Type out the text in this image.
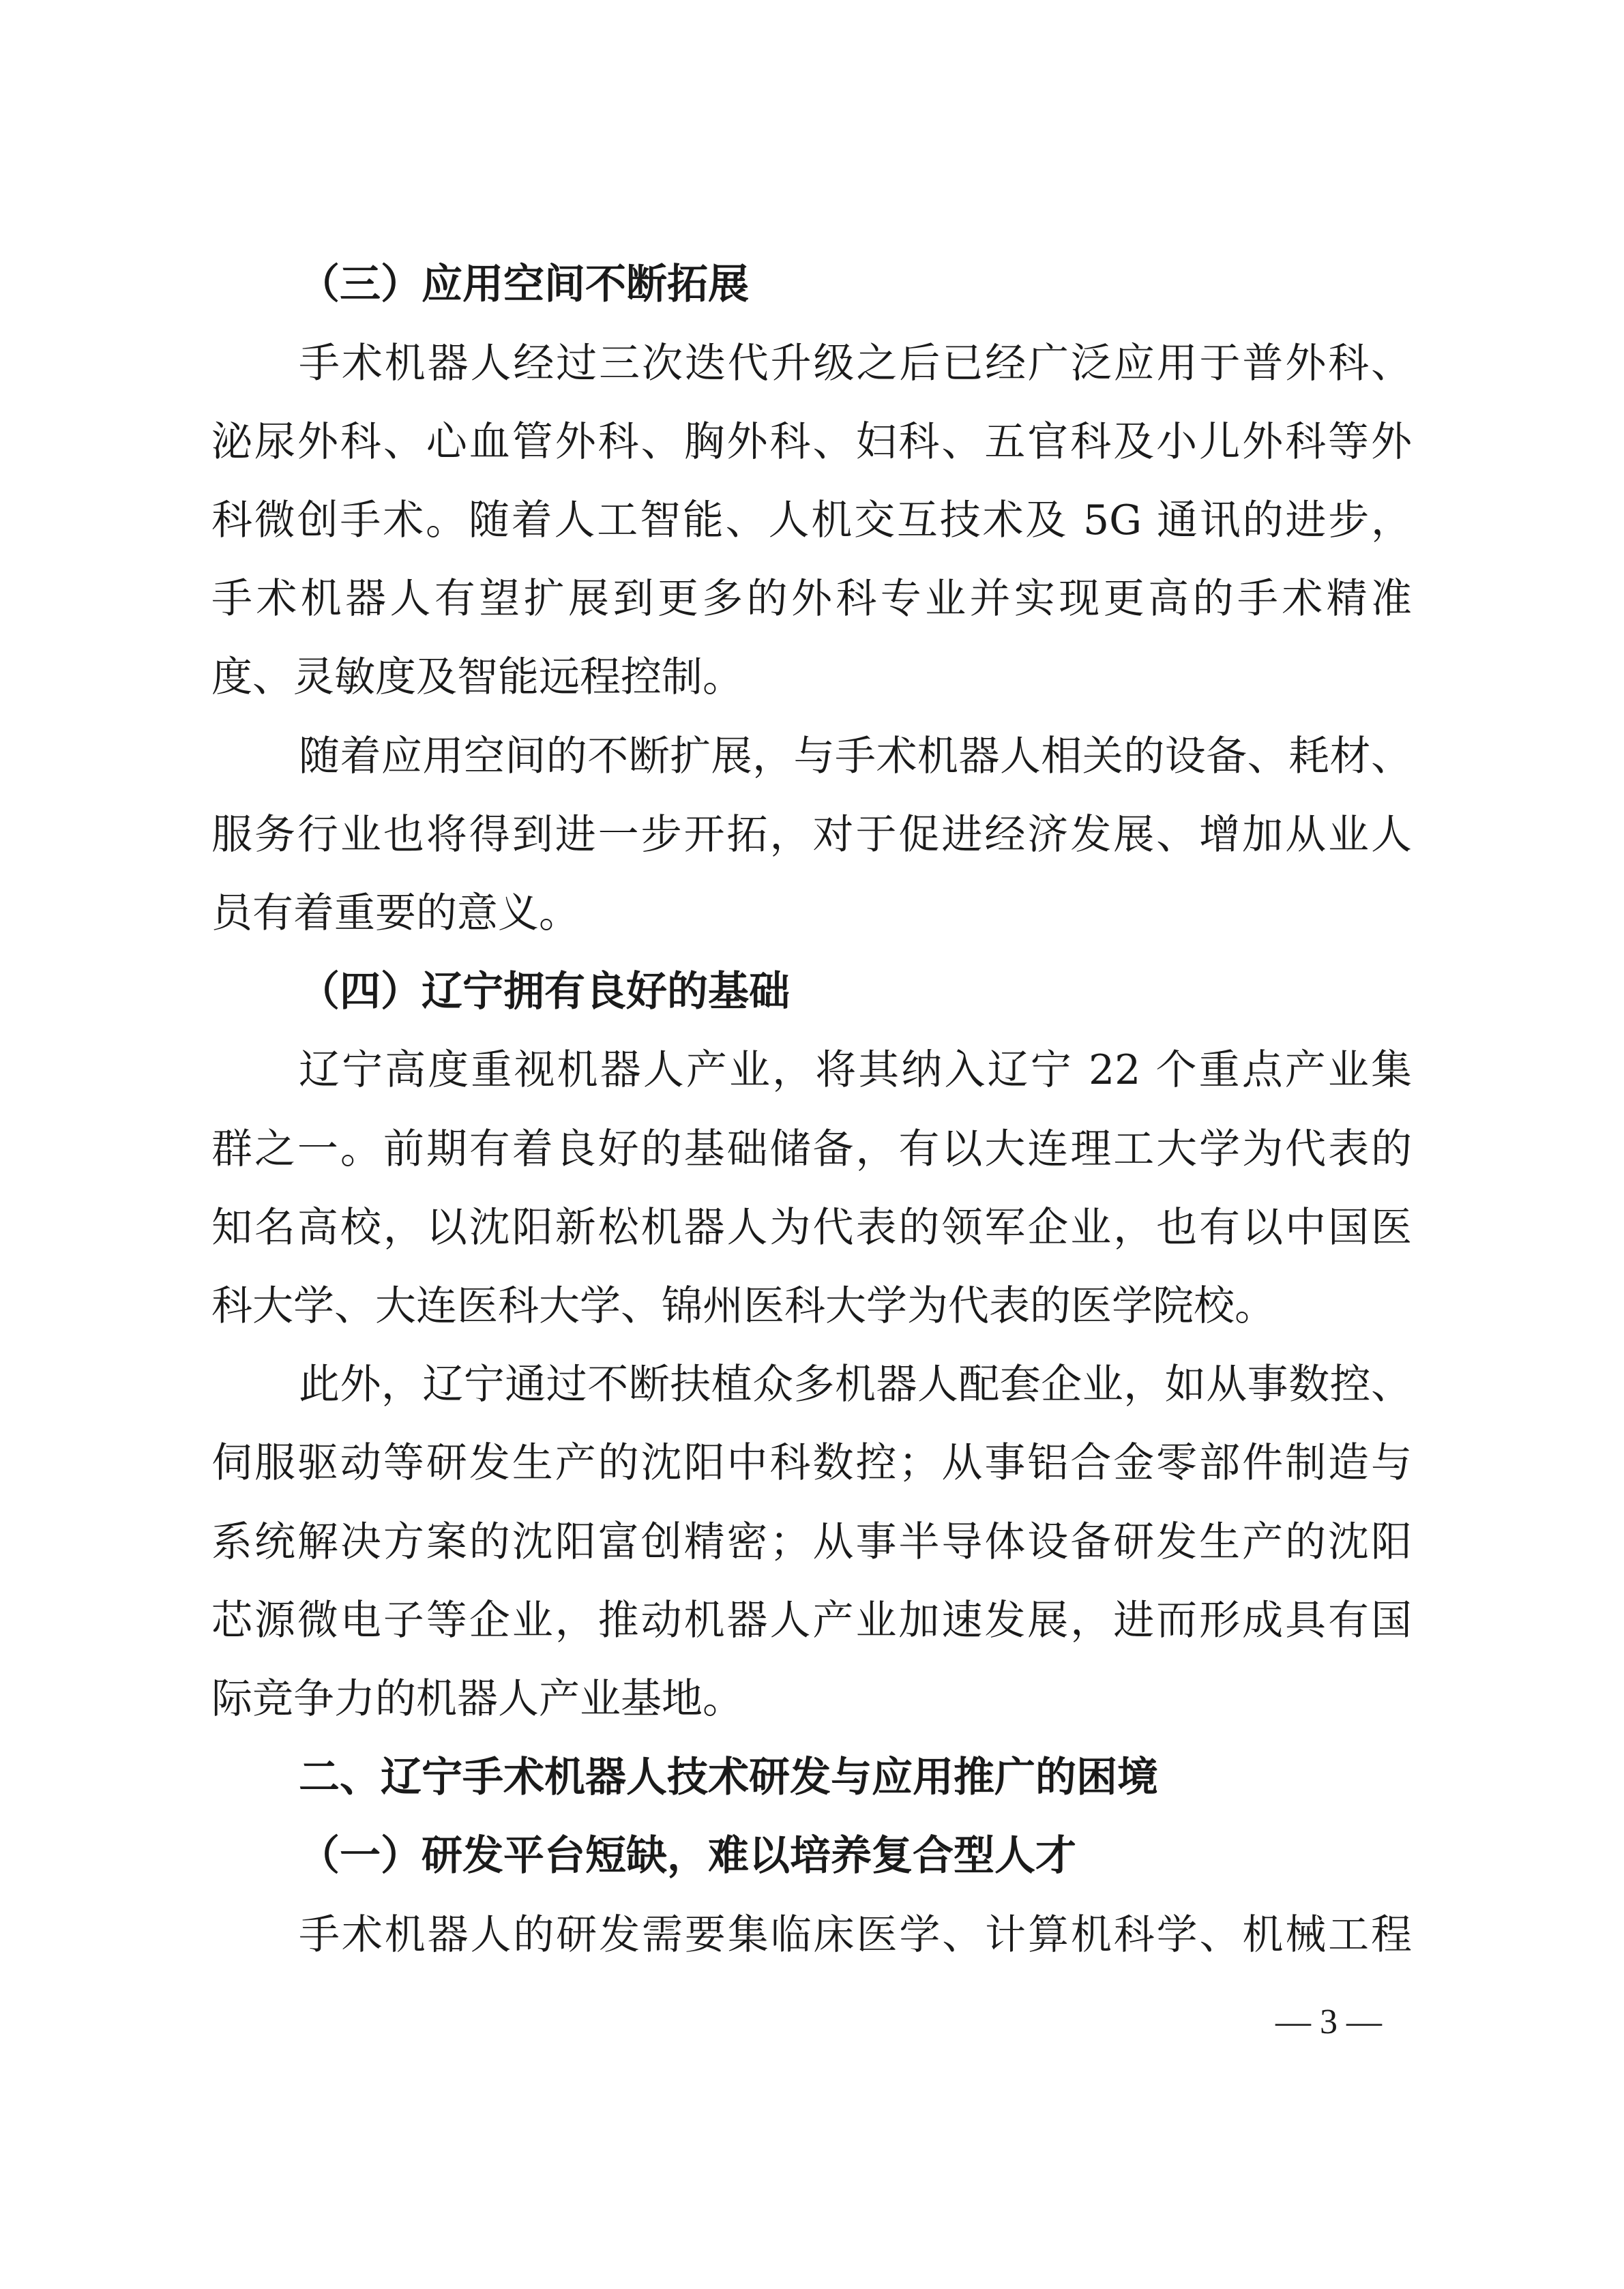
（三）应用空间不断拓展
手术机器人经过三次迭代升级之后已经广泛应用于普外科、
泌尿外科、心血管外科、胸外科、妇科、五官科及小儿外科等外
科微创手术。随着人工智能、人机交互技术及 5G 通讯的进步，
手术机器人有望扩展到更多的外科专业并实现更高的手术精准
度、灵敏度及智能远程控制。
随着应用空间的不断扩展，与手术机器人相关的设备、耗材、
服务行业也将得到进一步开拓，对于促进经济发展、增加从业人
员有着重要的意义。
（四）辽宁拥有良好的基础
辽宁高度重视机器人产业，将其纳入辽宁 22 个重点产业集
群之一。前期有着良好的基础储备，有以大连理工大学为代表的
知名高校，以沈阳新松机器人为代表的领军企业，也有以中国医
科大学、大连医科大学、锦州医科大学为代表的医学院校。
此外，辽宁通过不断扶植众多机器人配套企业，如从事数控、
伺服驱动等研发生产的沈阳中科数控；从事铝合金零部件制造与
系统解决方案的沈阳富创精密；从事半导体设备研发生产的沈阳
芯源微电子等企业，推动机器人产业加速发展，进而形成具有国
际竞争力的机器人产业基地。
二、辽宁手术机器人技术研发与应用推广的困境
（一）研发平台短缺，难以培养复合型人才
手术机器人的研发需要集临床医学、计算机科学、机械工程
— 3 —
